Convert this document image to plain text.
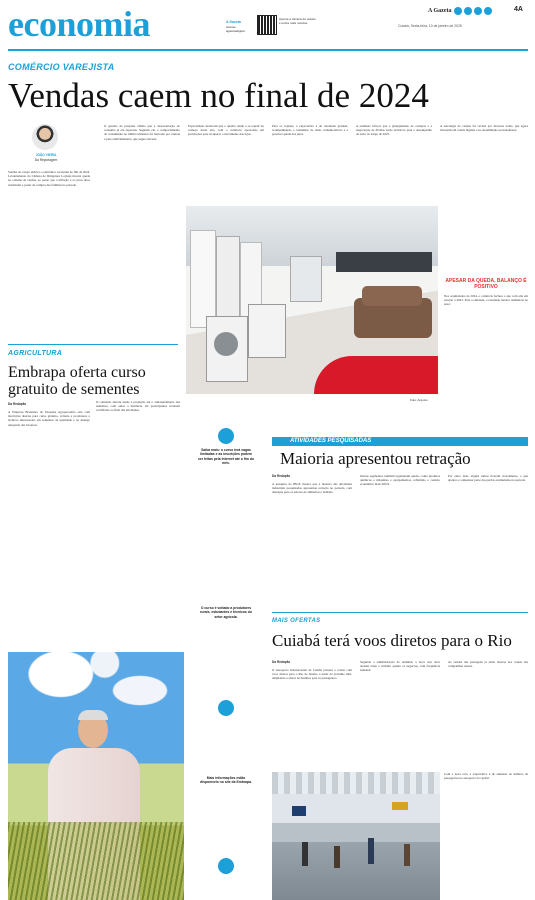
economia	A Gazeta
Acesse agazetadigital
Aponte a câmera do celular e tenha mais notícias
Cuiabá, Sexta-feira, 10 de janeiro de 2025
A Gazeta	4A
COMÉRCIO VAREJISTA
Vendas caem no final de 2024
JOÃO VIEIRA
Da Reportagem
Vendas do varejo elétrico e eletrônico recuaram no fim de 2024. Levantamento da Câmara de Dirigentes Lojistas mostra queda no volume de vendas, ao passo que a inflação e os juros altos reduziram o poder de compra das famílias no período.
O gerente da pesquisa afirma que a desaceleração do consumo já era esperada. Segundo ele, o comportamento do consumidor no último trimestre foi marcado por cautela e pelo endividamento, que segue elevado.
Especialistas destacam que o quadro tende a se repetir no começo deste ano, com o comércio apostando em promoções para recuperar o movimento nas lojas.
Para os lojistas, a expectativa é de retomada gradual, acompanhando o calendário de datas comemorativas e a possível queda dos juros.
A entidade reforça que o planejamento de compras e a negociação de dívidas serão decisivos para o desempenho do setor ao longo de 2025.
A estratégia de vendas foi revista por diversas redes, que agora investem em canais digitais e no atendimento personalizado.
Foto: Arquivo
APESAR DA QUEDA, BALANÇO É POSITIVO
Nos acumulados de 2024, o comércio fechou o ano com alta em relação a 2023. Para a entidade, o resultado mostra resiliência do setor.
AGRICULTURA
Embrapa oferta curso gratuito de sementes
Da Redação
A Empresa Brasileira de Pesquisa Agropecuária está com inscrições abertas para curso gratuito, voltado a produtores e técnicos interessados em sementes de qualidade e no manejo adequado das lavouras.
O conteúdo aborda desde a produção até o armazenamento das sementes, com aulas a distância. Os participantes recebem certificado ao final das atividades.
Saiba mais: o curso terá vagas limitadas e as inscrições podem ser feitas pela internet até o fim do mês.
O curso é voltado a produtores rurais, estudantes e técnicos do setor agrícola.
Mais informações estão disponíveis no site da Embrapa.
ATIVIDADES PESQUISADAS
Maioria apresentou retração
Da Redação
A pesquisa do IBGE mostra que a maioria das atividades industriais pesquisadas apresentou retração no período, com destaque para os setores de alimentos e bebidas.
Outros segmentos também registraram queda, como produtos químicos e máquinas e equipamentos, refletindo o cenário econômico mais difícil.
Por outro lado, alguns ramos tiveram crescimento, o que ajudou a compensar parte das perdas acumuladas no período.
MAIS OFERTAS
Cuiabá terá voos diretos para o Rio
Da Redação
O Aeroporto Internacional de Cuiabá passará a contar com voos diretos para o Rio de Janeiro a partir do próximo mês, ampliando a oferta de destinos para os passageiros.
Segundo a administração do terminal, a nova rota deve atender tanto o turismo quanto os negócios, com frequência semanal.
As vendas das passagens já estão abertas nos canais das companhias aéreas.
Com a nova rota, a expectativa é de aumento no número de passageiros no aeroporto da capital.
